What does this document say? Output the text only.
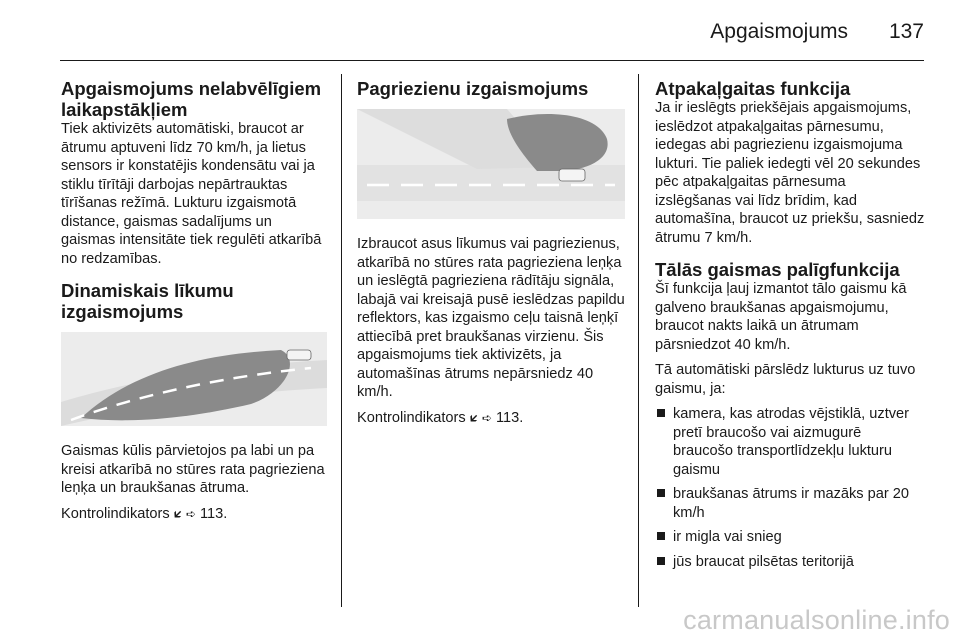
Apgaismojums 137
Apgaismojums nelabvēlīgiem laikapstākļiem

Tiek aktivizēts automātiski, braucot ar ātrumu aptuveni līdz 70 km/h, ja lietus sensors ir konstatējis kondensātu vai ja stiklu tīrītāji darbojas nepārtrauktas tīrīšanas režīmā. Lukturu izgaismotā distance, gaismas sadalījums un gaismas intensitāte tiek regulēti atkarībā no redzamības.

Dinamiskais līkumu izgaismojums

Gaismas kūlis pārvietojos pa labi un pa kreisi atkarībā no stūres rata pagrieziena leņķa un braukšanas ātruma.

Kontrolindikators 🡷 ➪ 113.

Pagriezienu izgaismojums

Izbraucot asus līkumus vai pagriezienus, atkarībā no stūres rata pagrieziena leņķa un ieslēgtā pagrieziena rādītāju signāla, labajā vai kreisajā pusē ieslēdzas papildu reflektors, kas izgaismo ceļu taisnā leņķī attiecībā pret braukšanas virzienu. Šis apgaismojums tiek aktivizēts, ja automašīnas ātrums nepārsniedz 40 km/h.

Kontrolindikators 🡷 ➪ 113.

Atpakaļgaitas funkcija

Ja ir ieslēgts priekšējais apgaismojums, ieslēdzot atpakaļgaitas pārnesumu, iedegas abi pagriezienu izgaismojuma lukturi. Tie paliek iedegti vēl 20 sekundes pēc atpakaļgaitas pārnesuma izslēgšanas vai līdz brīdim, kad automašīna, braucot uz priekšu, sasniedz ātrumu 7 km/h.

Tālās gaismas palīgfunkcija

Šī funkcija ļauj izmantot tālo gaismu kā galveno braukšanas apgaismojumu, braucot nakts laikā un ātrumam pārsniedzot 40 km/h.

Tā automātiski pārslēdz lukturus uz tuvo gaismu, ja:

kamera, kas atrodas vējstiklā, uztver pretī braucošo vai aizmugurē braucošo transportlīdzekļu lukturu gaismu
braukšanas ātrums ir mazāks par 20 km/h
ir migla vai snieg
jūs braucat pilsētas teritorijā
carmanualsonline.info
